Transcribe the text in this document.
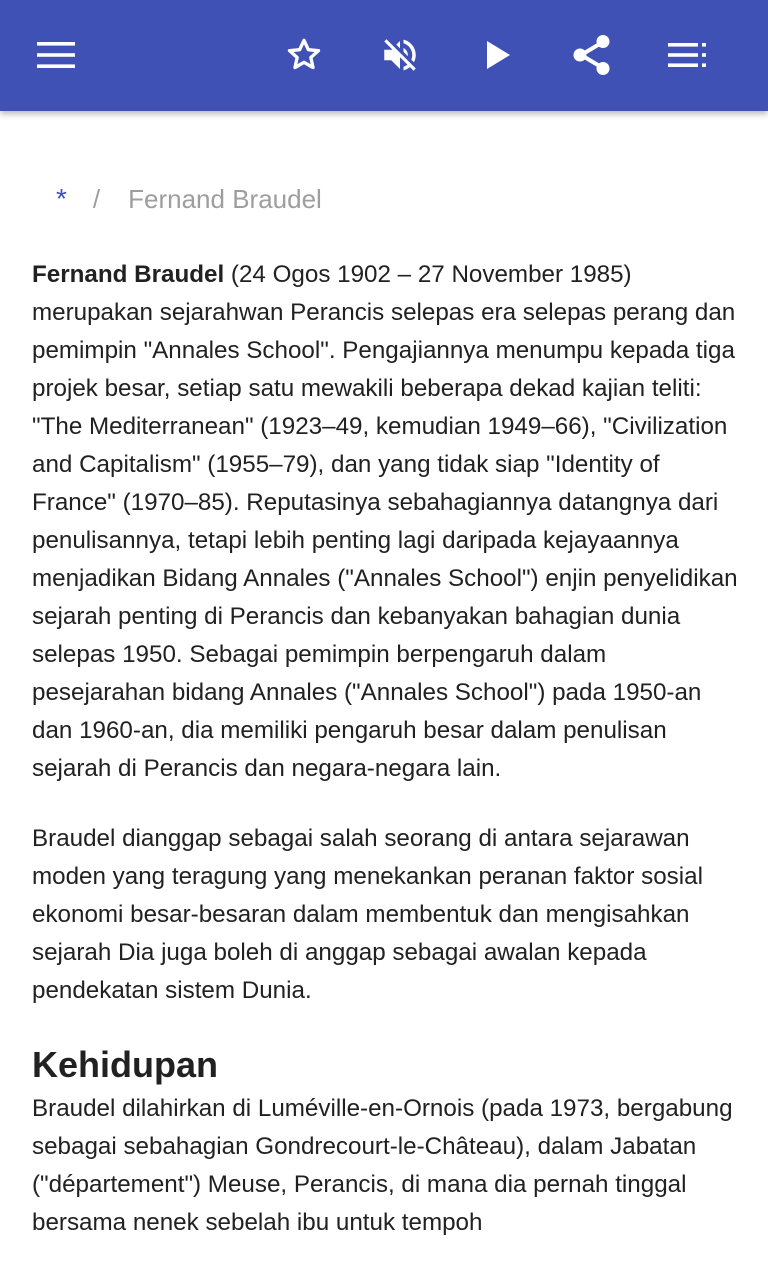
* / Fernand Braudel

Fernand Braudel (24 Ogos 1902 – 27 November 1985) merupakan sejarahwan Perancis selepas era selepas perang dan pemimpin "Annales School". Pengajiannya menumpu kepada tiga projek besar, setiap satu mewakili beberapa dekad kajian teliti: "The Mediterranean" (1923–49, kemudian 1949–66), "Civilization and Capitalism" (1955–79), dan yang tidak siap "Identity of France" (1970–85). Reputasinya sebahagiannya datangnya dari penulisannya, tetapi lebih penting lagi daripada kejayaannya menjadikan Bidang Annales ("Annales School") enjin penyelidikan sejarah penting di Perancis dan kebanyakan bahagian dunia selepas 1950. Sebagai pemimpin berpengaruh dalam pesejarahan bidang Annales ("Annales School") pada 1950-an dan 1960-an, dia memiliki pengaruh besar dalam penulisan sejarah di Perancis dan negara-negara lain.

Braudel dianggap sebagai salah seorang di antara sejarawan moden yang teragung yang menekankan peranan faktor sosial ekonomi besar-besaran dalam membentuk dan mengisahkan sejarah Dia juga boleh di anggap sebagai awalan kepada pendekatan sistem Dunia.

Kehidupan

Braudel dilahirkan di Luméville-en-Ornois (pada 1973, bergabung sebagai sebahagian Gondrecourt-le-Château), dalam Jabatan ("département") Meuse, Perancis, di mana dia pernah tinggal bersama nenek sebelah ibu untuk tempoh
